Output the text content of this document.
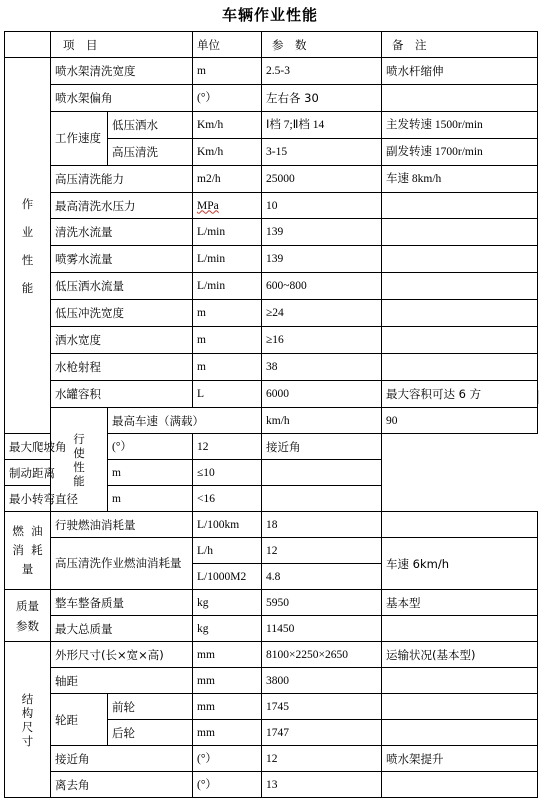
车辆作业性能
	项　目		单位	参　数	备　注	
作

业

性

能	喷水架清洗宽度		m	2.5-3	喷水杆缩伸	
	喷水架偏角		(°）	左右各 30		
	工作速度	低压洒水	Km/h	Ⅰ档 7;Ⅱ档 14	主发转速 1500r/min	
		高压清洗	Km/h	3-15	副发转速 1700r/min	
	高压清洗能力		m2/h	25000	车速 8km/h	
	最高清洗水压力		MPa	10		
	清洗水流量		L/min	139		
	喷雾水流量		L/min	139		
	低压洒水流量		L/min	600~800		
	低压冲洗宽度		m	≥24		
	洒水宽度		m	≥16		
	水枪射程		m	38		
	水罐容积		L	6000	最大容积可达 6 方	
	行
使
性
能	最高车速（满载）		km/h	90	
最大爬坡角		(°）	12	接近角		
制动距离		m	≤10			
最小转弯直径		m	<16			
燃 油
消 耗
量	行驶燃油消耗量		L/100km	18		
	高压清洗作业燃油消耗量		L/h	12	车速 6km/h	
			L/1000M2	4.8		
质量
参数	整车整备质量		kg	5950	基本型	
	最大总质量		kg	11450		
结
构
尺
寸	外形尺寸(长×宽×高)		mm	8100×2250×2650	运输状况(基本型)	
	轴距		mm	3800		
	轮距	前轮	mm	1745		
		后轮	mm	1747		
	接近角		(°）	12	喷水架提升	
	离去角		(°）	13		
